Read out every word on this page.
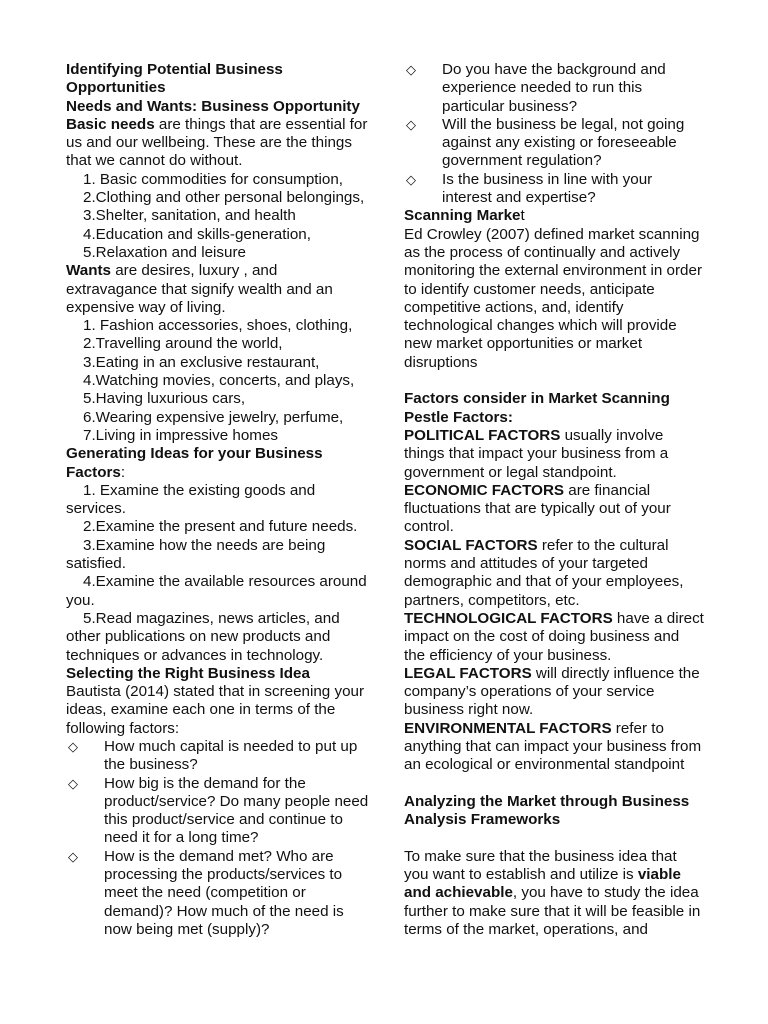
Identifying Potential Business Opportunities

Needs and Wants: Business Opportunity

Basic needs are things that are essential for us and our wellbeing. These are the things that we cannot do without.

1. Basic commodities for consumption,

2.Clothing and other personal belongings,

3.Shelter, sanitation, and health

4.Education and skills-generation,

5.Relaxation and leisure

Wants are desires, luxury , and extravagance that signify wealth and an expensive way of living.

1. Fashion accessories, shoes, clothing,

2.Travelling around the world,

3.Eating in an exclusive restaurant,

4.Watching movies, concerts, and plays,

5.Having luxurious cars,

6.Wearing expensive jewelry, perfume,

7.Living in impressive homes

Generating Ideas for your Business Factors:

1. Examine the existing goods and services.

2.Examine the present and future needs.

3.Examine how the needs are being satisfied.

4.Examine the available resources around you.

5.Read magazines, news articles, and other publications on new products and techniques or advances in technology.

Selecting the Right Business Idea

Bautista (2014) stated that in screening your ideas, examine each one in terms of the following factors:

◇ How much capital is needed to put up the business?
◇ How big is the demand for the product/service? Do many people need this product/service and continue to need it for a long time?
◇ How is the demand met? Who are processing the products/services to meet the need (competition or demand)? How much of the need is now being met (supply)?
◇ Do you have the background and experience needed to run this particular business?
◇ Will the business be legal, not going against any existing or foreseeable government regulation?
◇ Is the business in line with your interest and expertise?

Scanning Market

Ed Crowley (2007) defined market scanning as the process of continually and actively monitoring the external environment in order to identify customer needs, anticipate competitive actions, and, identify technological changes which will provide new market opportunities or market disruptions

Factors consider in Market Scanning

Pestle Factors:

POLITICAL FACTORS usually involve things that impact your business from a government or legal standpoint.

ECONOMIC FACTORS are financial fluctuations that are typically out of your control.

SOCIAL FACTORS refer to the cultural norms and attitudes of your targeted demographic and that of your employees, partners, competitors, etc.

TECHNOLOGICAL FACTORS have a direct impact on the cost of doing business and the efficiency of your business.

LEGAL FACTORS will directly influence the company’s operations of your service business right now.

ENVIRONMENTAL FACTORS refer to anything that can impact your business from an ecological or environmental standpoint

Analyzing the Market through Business Analysis Frameworks

To make sure that the business idea that you want to establish and utilize is viable and achievable, you have to study the idea further to make sure that it will be feasible in terms of the market, operations, and
